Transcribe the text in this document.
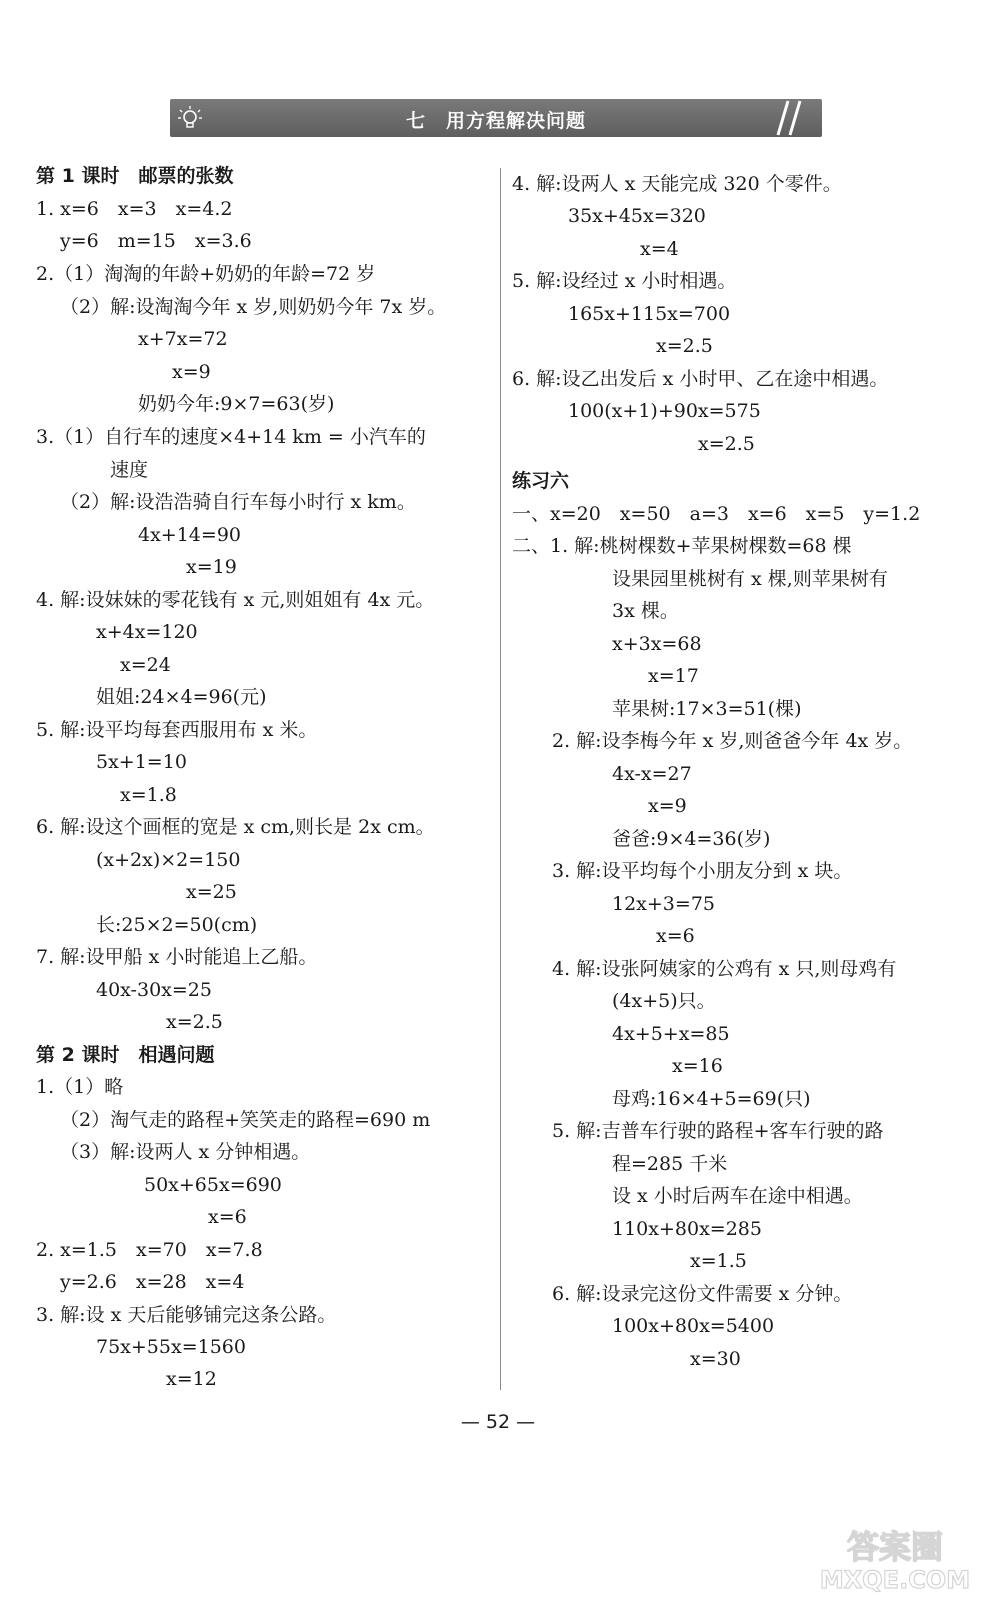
七　用方程解决问题
— 52 —
答案圈
MXQE.COM
第 1 课时　邮票的张数
1. x=6　x=3　x=4.2
y=6　m=15　x=3.6
2.（1）淘淘的年龄+奶奶的年龄=72 岁
（2）解:设淘淘今年 x 岁,则奶奶今年 7x 岁。
x+7x=72
x=9
奶奶今年:9×7=63(岁)
3.（1）自行车的速度×4+14 km = 小汽车的
速度
（2）解:设浩浩骑自行车每小时行 x km。
4x+14=90
x=19
4. 解:设妹妹的零花钱有 x 元,则姐姐有 4x 元。
x+4x=120
x=24
姐姐:24×4=96(元)
5. 解:设平均每套西服用布 x 米。
5x+1=10
x=1.8
6. 解:设这个画框的宽是 x cm,则长是 2x cm。
(x+2x)×2=150
x=25
长:25×2=50(cm)
7. 解:设甲船 x 小时能追上乙船。
40x-30x=25
x=2.5
第 2 课时　相遇问题
1.（1）略
（2）淘气走的路程+笑笑走的路程=690 m
（3）解:设两人 x 分钟相遇。
50x+65x=690
x=6
2. x=1.5　x=70　x=7.8
y=2.6　x=28　x=4
3. 解:设 x 天后能够铺完这条公路。
75x+55x=1560
x=12
4. 解:设两人 x 天能完成 320 个零件。
35x+45x=320
x=4
5. 解:设经过 x 小时相遇。
165x+115x=700
x=2.5
6. 解:设乙出发后 x 小时甲、乙在途中相遇。
100(x+1)+90x=575
x=2.5
练习六
一、x=20　x=50　a=3　x=6　x=5　y=1.2
二、1. 解:桃树棵数+苹果树棵数=68 棵
设果园里桃树有 x 棵,则苹果树有
3x 棵。
x+3x=68
x=17
苹果树:17×3=51(棵)
2. 解:设李梅今年 x 岁,则爸爸今年 4x 岁。
4x-x=27
x=9
爸爸:9×4=36(岁)
3. 解:设平均每个小朋友分到 x 块。
12x+3=75
x=6
4. 解:设张阿姨家的公鸡有 x 只,则母鸡有
(4x+5)只。
4x+5+x=85
x=16
母鸡:16×4+5=69(只)
5. 解:吉普车行驶的路程+客车行驶的路
程=285 千米
设 x 小时后两车在途中相遇。
110x+80x=285
x=1.5
6. 解:设录完这份文件需要 x 分钟。
100x+80x=5400
x=30
